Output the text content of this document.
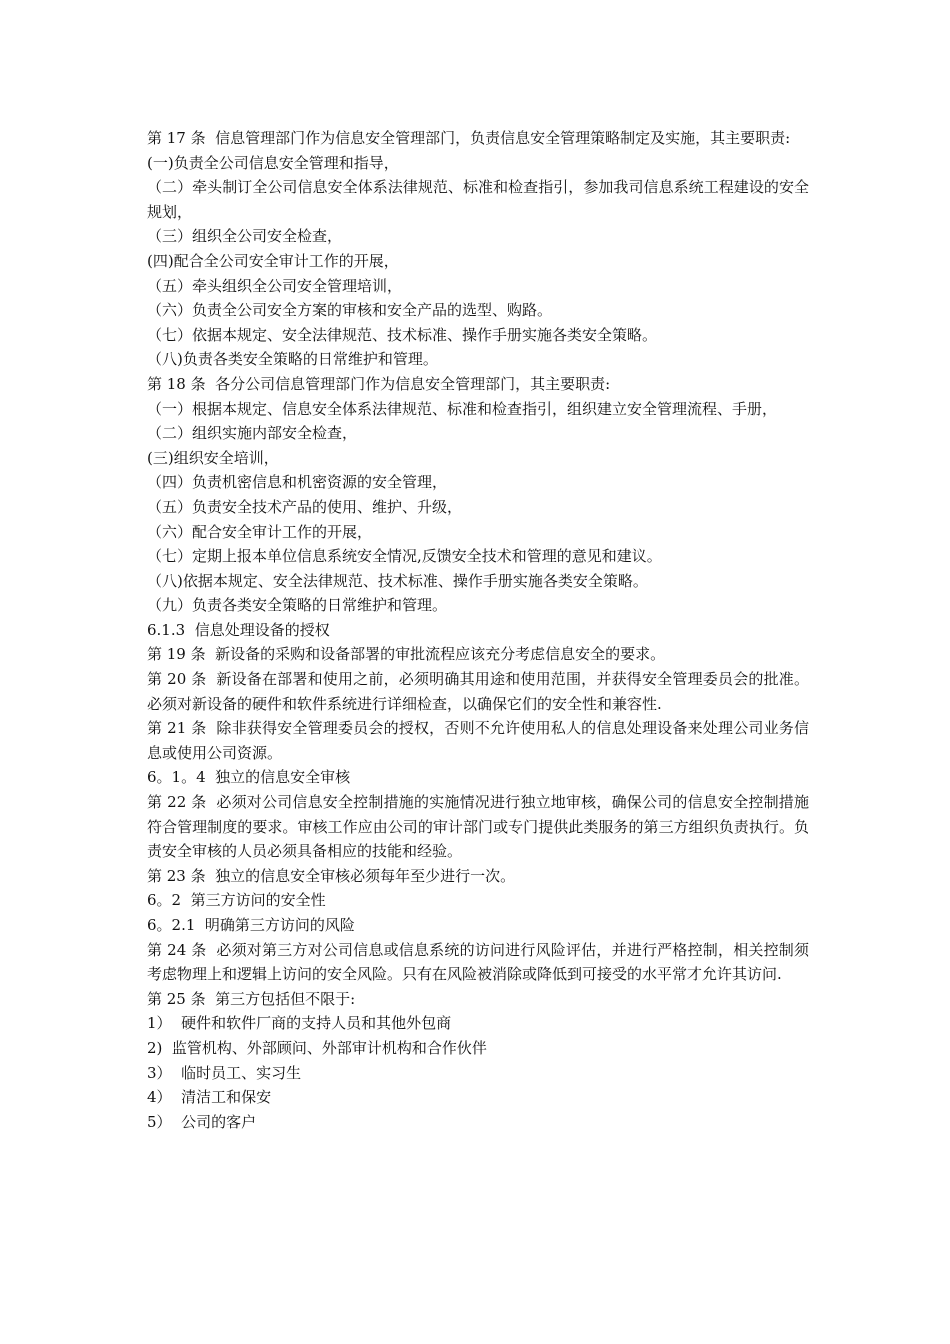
第 17 条  信息管理部门作为信息安全管理部门，负责信息安全管理策略制定及实施，其主要职责:
(一)负责全公司信息安全管理和指导，
（二）牵头制订全公司信息安全体系法律规范、标准和检查指引，参加我司信息系统工程建设的安全规划，
（三）组织全公司安全检查，
(四)配合全公司安全审计工作的开展，
（五）牵头组织全公司安全管理培训，
（六）负责全公司安全方案的审核和安全产品的选型、购路。
（七）依据本规定、安全法律规范、技术标准、操作手册实施各类安全策略。
（八)负责各类安全策略的日常维护和管理。
第 18 条  各分公司信息管理部门作为信息安全管理部门，其主要职责:
（一）根据本规定、信息安全体系法律规范、标准和检查指引，组织建立安全管理流程、手册，
（二）组织实施内部安全检查，
(三)组织安全培训，
（四）负责机密信息和机密资源的安全管理，
（五）负责安全技术产品的使用、维护、升级，
（六）配合安全审计工作的开展，
（七）定期上报本单位信息系统安全情况,反馈安全技术和管理的意见和建议。
（八)依据本规定、安全法律规范、技术标准、操作手册实施各类安全策略。
（九）负责各类安全策略的日常维护和管理。
6.1.3  信息处理设备的授权
第 19 条  新设备的采购和设备部署的审批流程应该充分考虑信息安全的要求。
第 20 条  新设备在部署和使用之前，必须明确其用途和使用范围，并获得安全管理委员会的批准。必须对新设备的硬件和软件系统进行详细检查，以确保它们的安全性和兼容性.
第 21 条  除非获得安全管理委员会的授权，否则不允许使用私人的信息处理设备来处理公司业务信息或使用公司资源。
6。1。4  独立的信息安全审核
第 22 条  必须对公司信息安全控制措施的实施情况进行独立地审核，确保公司的信息安全控制措施符合管理制度的要求。审核工作应由公司的审计部门或专门提供此类服务的第三方组织负责执行。负责安全审核的人员必须具备相应的技能和经验。
第 23 条  独立的信息安全审核必须每年至少进行一次。
6。2  第三方访问的安全性
6。2.1  明确第三方访问的风险
第 24 条  必须对第三方对公司信息或信息系统的访问进行风险评估，并进行严格控制，相关控制须考虑物理上和逻辑上访问的安全风险。只有在风险被消除或降低到可接受的水平常才允许其访问.
第 25 条  第三方包括但不限于:
1）  硬件和软件厂商的支持人员和其他外包商
2)  监管机构、外部顾问、外部审计机构和合作伙伴
3）  临时员工、实习生
4）  清洁工和保安
5）  公司的客户
